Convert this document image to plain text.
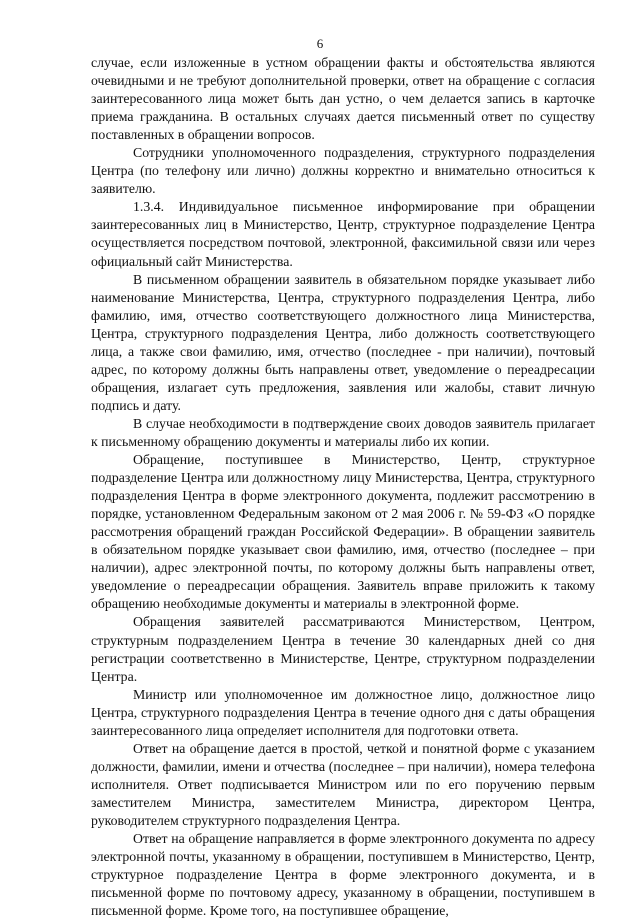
6

случае, если изложенные в устном обращении факты и обстоятельства являются очевидными и не требуют дополнительной проверки, ответ на обращение с согласия заинтересованного лица может быть дан устно, о чем делается запись в карточке приема гражданина. В остальных случаях дается письменный ответ по существу поставленных в обращении вопросов.

Сотрудники уполномоченного подразделения, структурного подразделения Центра (по телефону или лично) должны корректно и внимательно относиться к заявителю.

1.3.4. Индивидуальное письменное информирование при обращении заинтересованных лиц в Министерство, Центр, структурное подразделение Центра осуществляется посредством почтовой, электронной, факсимильной связи или через официальный сайт Министерства.

В письменном обращении заявитель в обязательном порядке указывает либо наименование Министерства, Центра, структурного подразделения Центра, либо фамилию, имя, отчество соответствующего должностного лица Министерства, Центра, структурного подразделения Центра, либо должность соответствующего лица, а также свои фамилию, имя, отчество (последнее - при наличии), почтовый адрес, по которому должны быть направлены ответ, уведомление о переадресации обращения, излагает суть предложения, заявления или жалобы, ставит личную подпись и дату.

В случае необходимости в подтверждение своих доводов заявитель прилагает к письменному обращению документы и материалы либо их копии.

Обращение, поступившее в Министерство, Центр, структурное подразделение Центра или должностному лицу Министерства, Центра, структурного подразделения Центра в форме электронного документа, подлежит рассмотрению в порядке, установленном Федеральным законом от 2 мая 2006 г. № 59-ФЗ «О порядке рассмотрения обращений граждан Российской Федерации». В обращении заявитель в обязательном порядке указывает свои фамилию, имя, отчество (последнее – при наличии), адрес электронной почты, по которому должны быть направлены ответ, уведомление о переадресации обращения. Заявитель вправе приложить к такому обращению необходимые документы и материалы в электронной форме.

Обращения заявителей рассматриваются Министерством, Центром, структурным подразделением Центра в течение 30 календарных дней со дня регистрации соответственно в Министерстве, Центре, структурном подразделении Центра.

Министр или уполномоченное им должностное лицо, должностное лицо Центра, структурного подразделения Центра в течение одного дня с даты обращения заинтересованного лица определяет исполнителя для подготовки ответа.

Ответ на обращение дается в простой, четкой и понятной форме с указанием должности, фамилии, имени и отчества (последнее – при наличии), номера телефона исполнителя. Ответ подписывается Министром или по его поручению первым заместителем Министра, заместителем Министра, директором Центра, руководителем структурного подразделения Центра.

Ответ на обращение направляется в форме электронного документа по адресу электронной почты, указанному в обращении, поступившем в Министерство, Центр, структурное подразделение Центра в форме электронного документа, и в письменной форме по почтовому адресу, указанному в обращении, поступившем в письменной форме. Кроме того, на поступившее обращение,
